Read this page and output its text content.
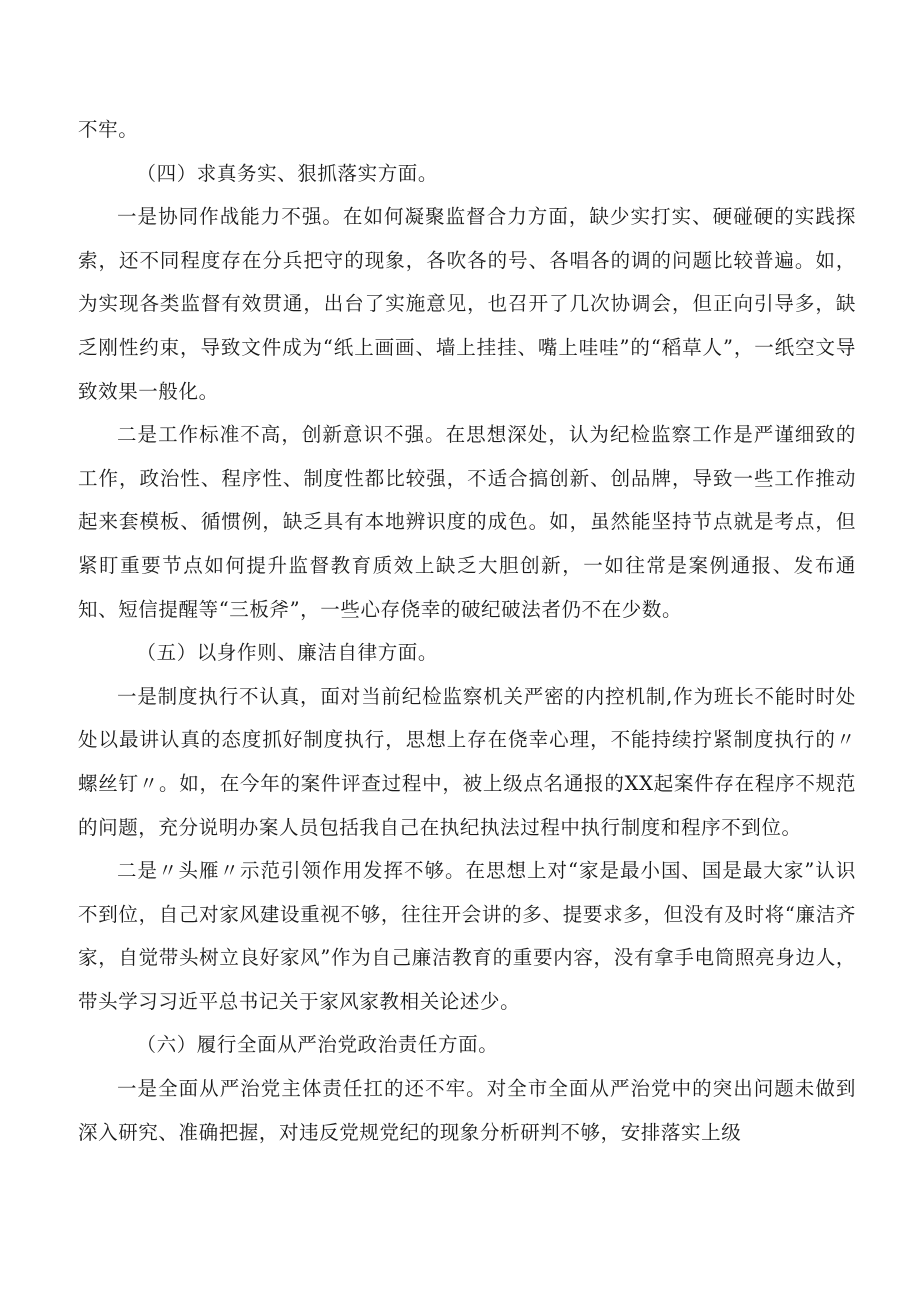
不牢。

（四）求真务实、狠抓落实方面。

一是协同作战能力不强。在如何凝聚监督合力方面，缺少实打实、硬碰硬的实践探索，还不同程度存在分兵把守的现象，各吹各的号、各唱各的调的问题比较普遍。如，为实现各类监督有效贯通，出台了实施意见，也召开了几次协调会，但正向引导多，缺乏刚性约束，导致文件成为“纸上画画、墙上挂挂、嘴上哇哇”的“稻草人”，一纸空文导致效果一般化。

二是工作标准不高，创新意识不强。在思想深处，认为纪检监察工作是严谨细致的工作，政治性、程序性、制度性都比较强，不适合搞创新、创品牌，导致一些工作推动起来套模板、循惯例，缺乏具有本地辨识度的成色。如，虽然能坚持节点就是考点，但紧盯重要节点如何提升监督教育质效上缺乏大胆创新，一如往常是案例通报、发布通知、短信提醒等“三板斧”，一些心存侥幸的破纪破法者仍不在少数。

（五）以身作则、廉洁自律方面。

一是制度执行不认真，面对当前纪检监察机关严密的内控机制,作为班长不能时时处处以最讲认真的态度抓好制度执行，思想上存在侥幸心理，不能持续拧紧制度执行的〃螺丝钉〃。如，在今年的案件评查过程中，被上级点名通报的XX起案件存在程序不规范的问题，充分说明办案人员包括我自己在执纪执法过程中执行制度和程序不到位。

二是〃头雁〃示范引领作用发挥不够。在思想上对“家是最小国、国是最大家”认识不到位，自己对家风建设重视不够，往往开会讲的多、提要求多，但没有及时将“廉洁齐家，自觉带头树立良好家风”作为自己廉洁教育的重要内容，没有拿手电筒照亮身边人，带头学习习近平总书记关于家风家教相关论述少。

（六）履行全面从严治党政治责任方面。

一是全面从严治党主体责任扛的还不牢。对全市全面从严治党中的突出问题未做到深入研究、准确把握，对违反党规党纪的现象分析研判不够，安排落实上级
